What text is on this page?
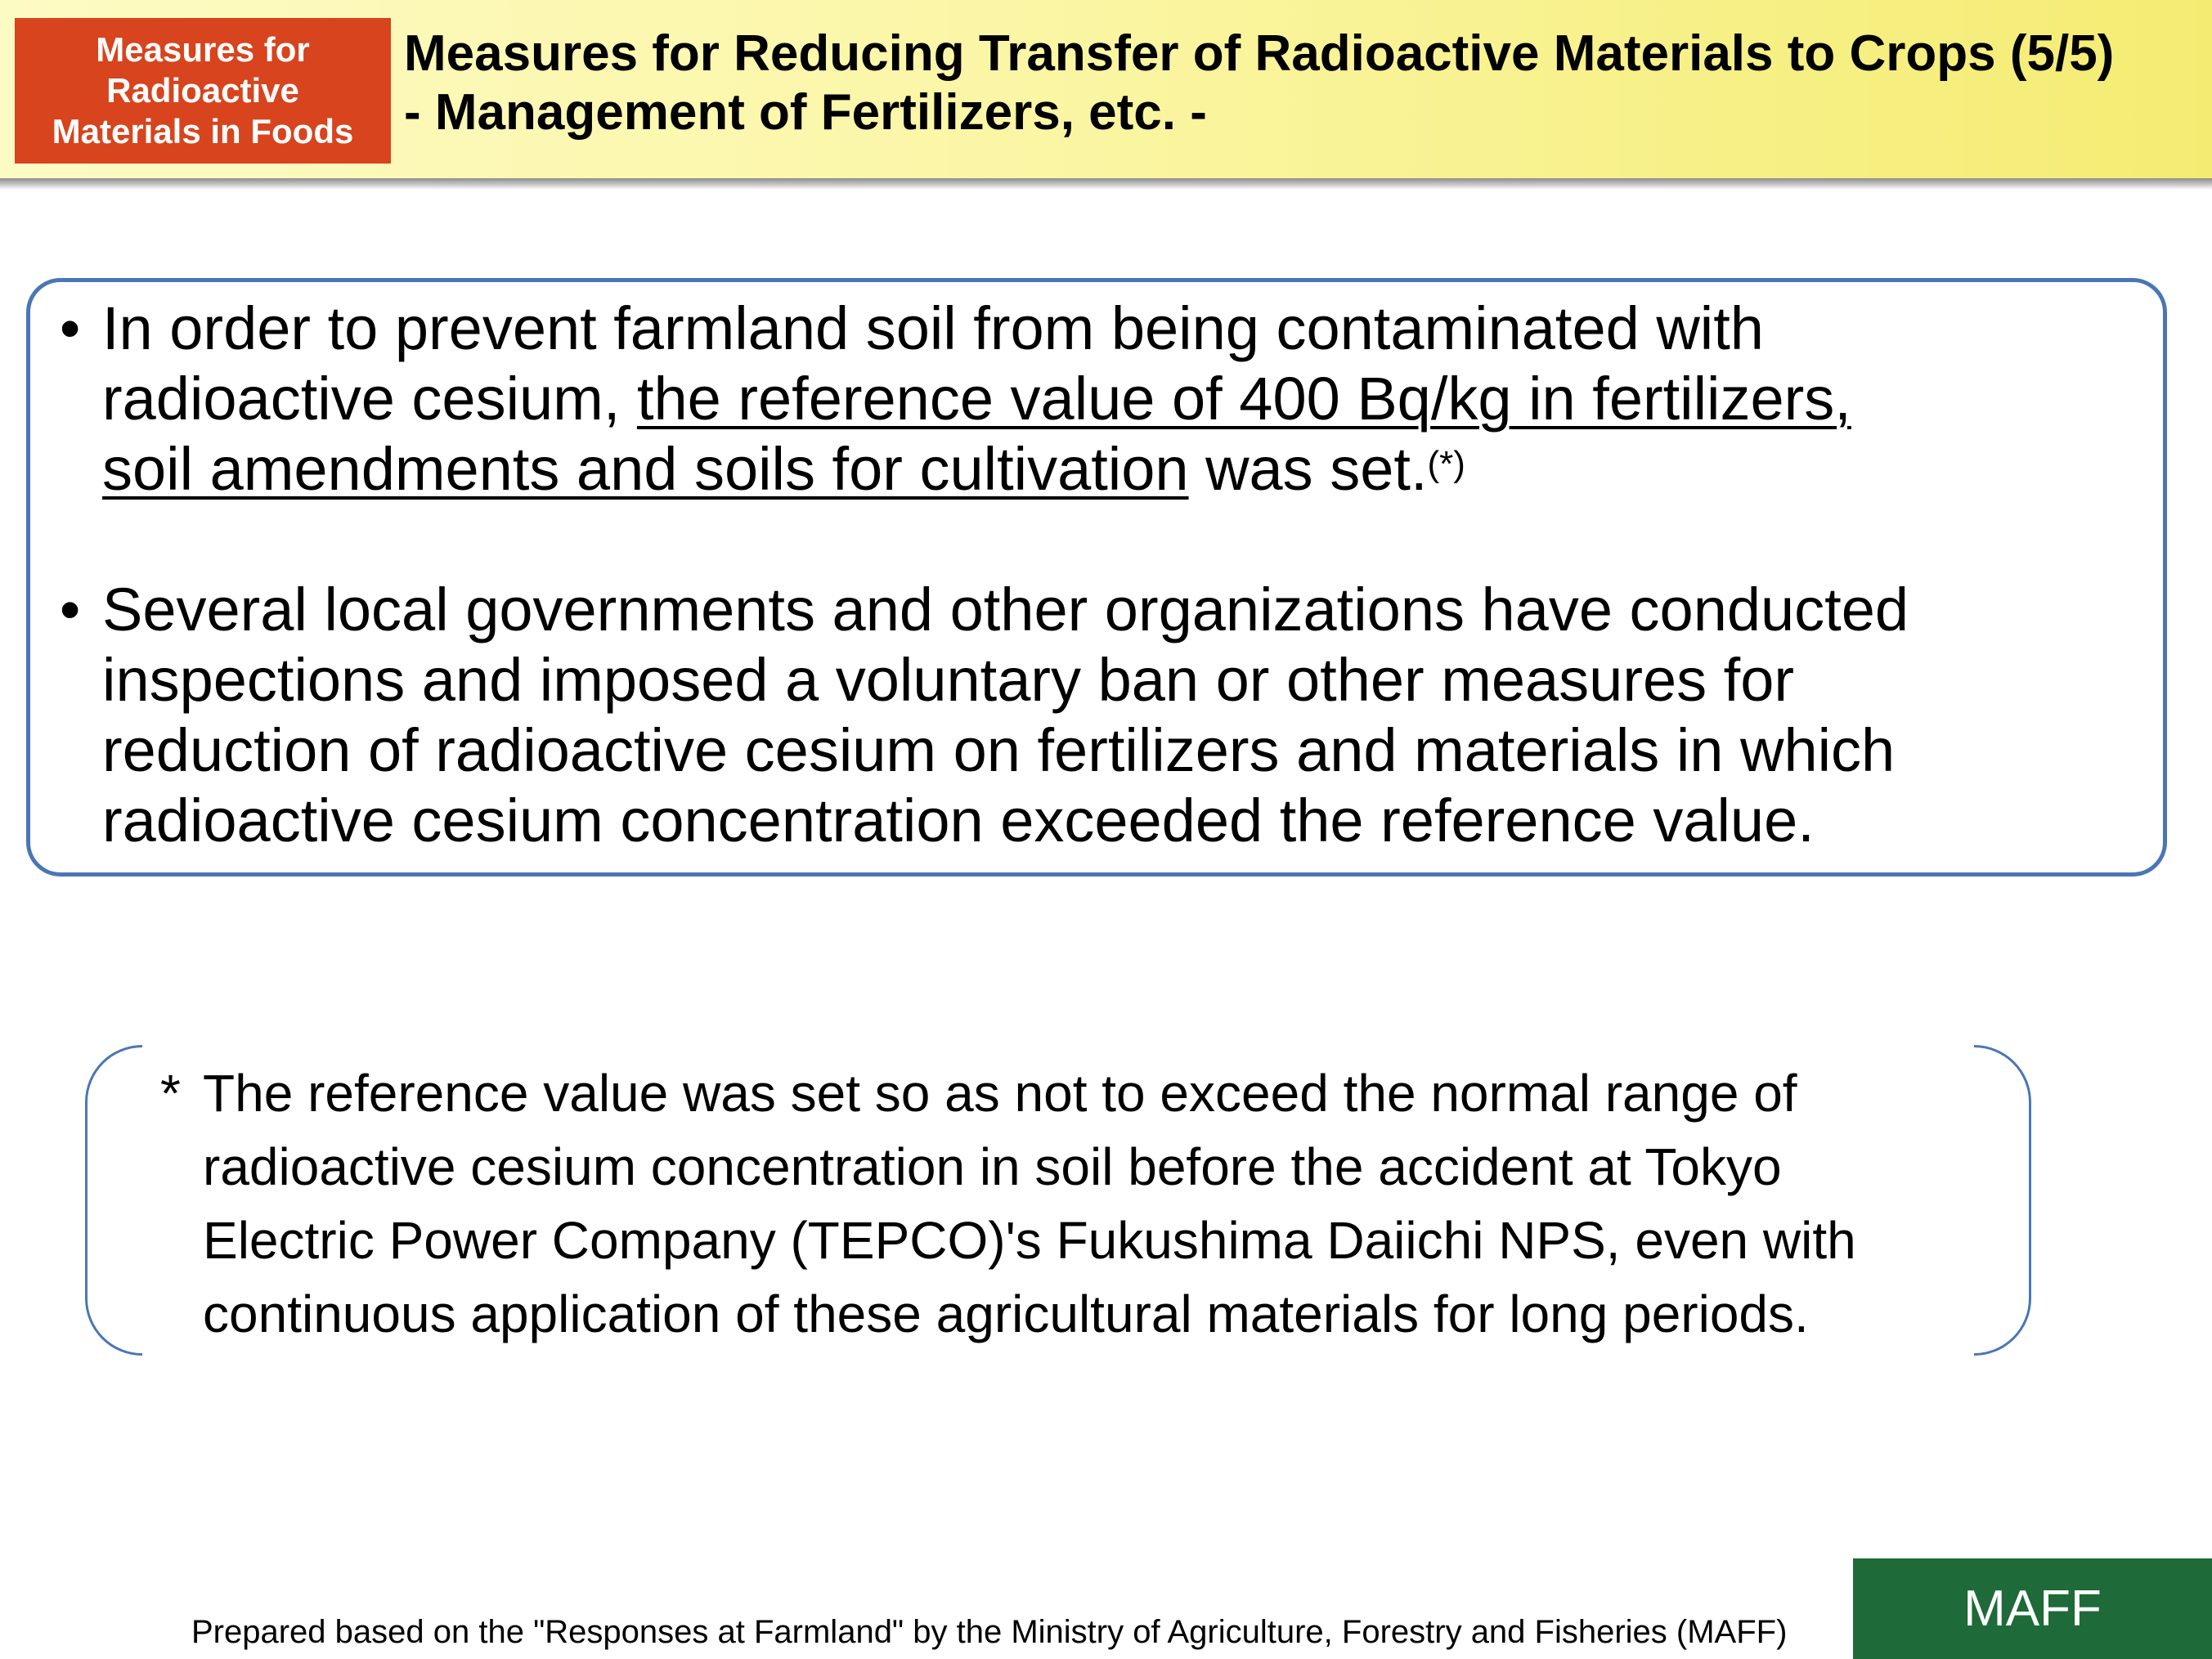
Measures for
Radioactive
Materials in Foods
Measures for Reducing Transfer of Radioactive Materials to Crops (5/5)
- Management of Fertilizers, etc. -
• In order to prevent farmland soil from being contaminated with
radioactive cesium, the reference value of 400 Bq/kg in fertilizers,
soil amendments and soils for cultivation was set.(*)
• Several local governments and other organizations have conducted
inspections and imposed a voluntary ban or other measures for
reduction of radioactive cesium on fertilizers and materials in which
radioactive cesium concentration exceeded the reference value.
* The reference value was set so as not to exceed the normal range of
radioactive cesium concentration in soil before the accident at Tokyo
Electric Power Company (TEPCO)'s Fukushima Daiichi NPS, even with
continuous application of these agricultural materials for long periods.
Prepared based on the "Responses at Farmland" by the Ministry of Agriculture, Forestry and Fisheries (MAFF)	MAFF
